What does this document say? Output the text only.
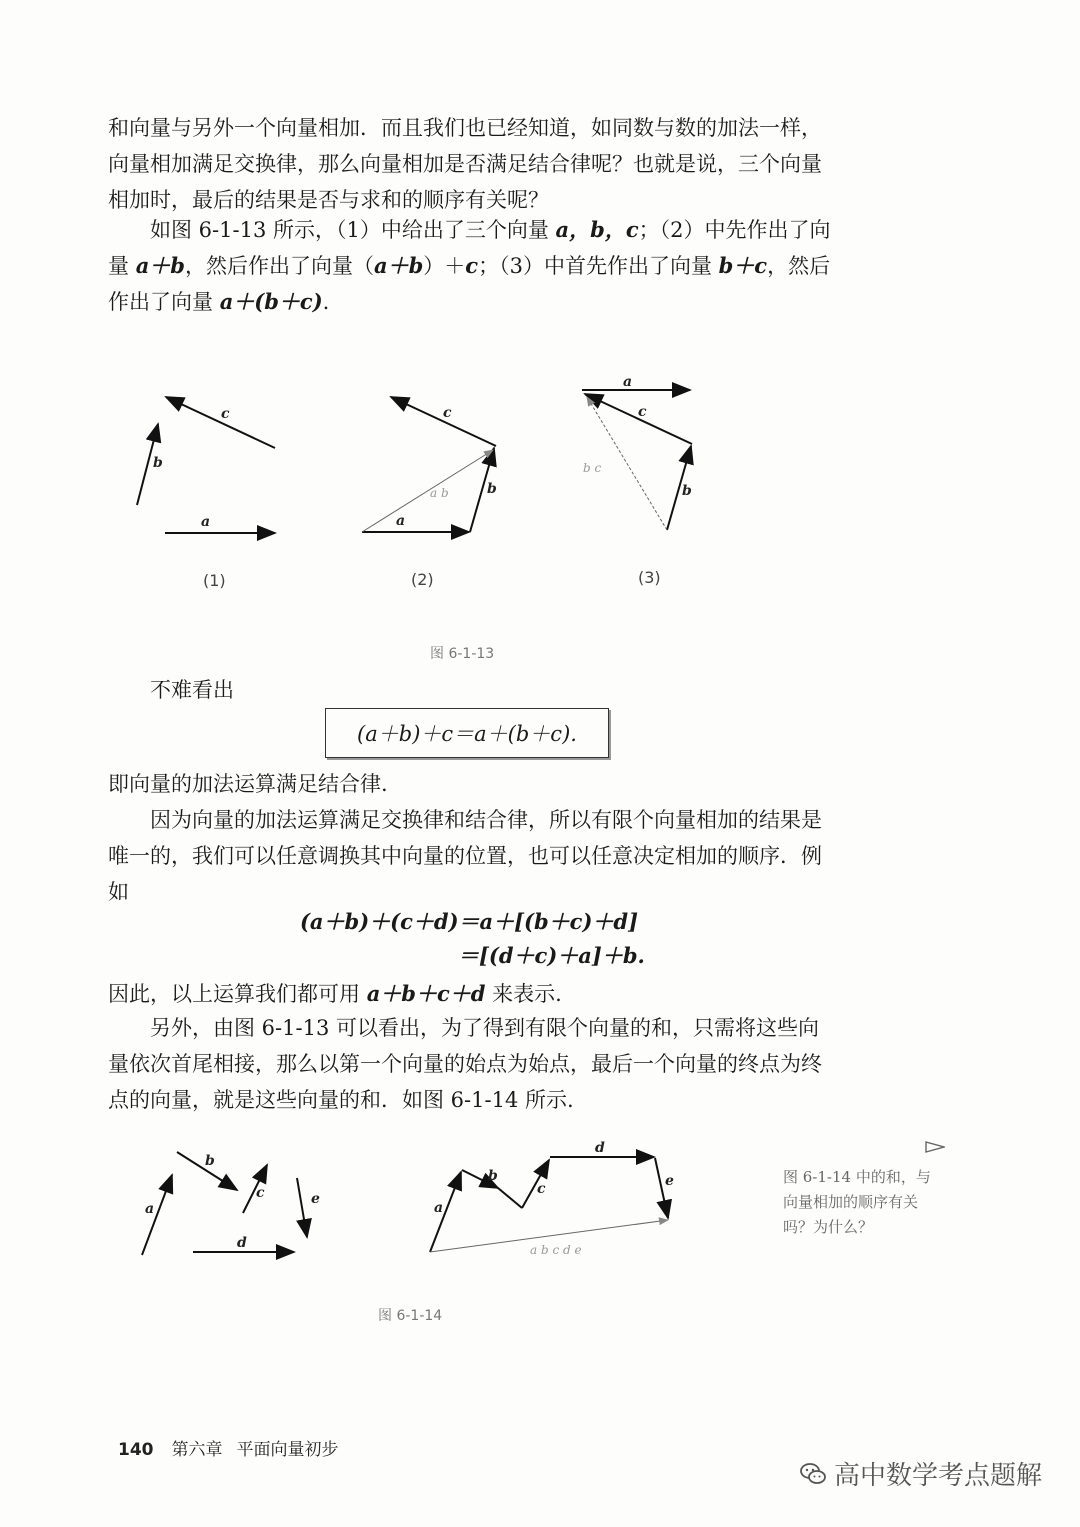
和向量与另外一个向量相加．而且我们也已经知道，如同数与数的加法一样，向量相加满足交换律，那么向量相加是否满足结合律呢？也就是说，三个向量相加时，最后的结果是否与求和的顺序有关呢？

如图 6-1-13 所示，（1）中给出了三个向量 a，b，c；（2）中先作出了向量 a＋b，然后作出了向量（a＋b）＋c；（3）中首先作出了向量 b＋c，然后作出了向量 a＋(b＋c).

c
b
a
c
b
a
a b
a
c
b
b c
(1)	(2)	(3)
图 6-1-13

不难看出

(a＋b)＋c＝a＋(b＋c).

即向量的加法运算满足结合律.

因为向量的加法运算满足交换律和结合律，所以有限个向量相加的结果是唯一的，我们可以任意调换其中向量的位置，也可以任意决定相加的顺序．例如

(a＋b)＋(c＋d)＝a＋[(b＋c)＋d]
＝[(d＋c)＋a]＋b.

因此，以上运算我们都可用 a＋b＋c＋d 来表示.

另外，由图 6-1-13 可以看出，为了得到有限个向量的和，只需将这些向量依次首尾相接，那么以第一个向量的始点为始点，最后一个向量的终点为终点的向量，就是这些向量的和．如图 6-1-14 所示.

a
b
c
d
e
a
b
c
d
e
a b c d e
图 6-1-14
图 6-1-14 中的和，与向量相加的顺序有关吗？为什么？
140 第六章 平面向量初步
高中数学考点题解
